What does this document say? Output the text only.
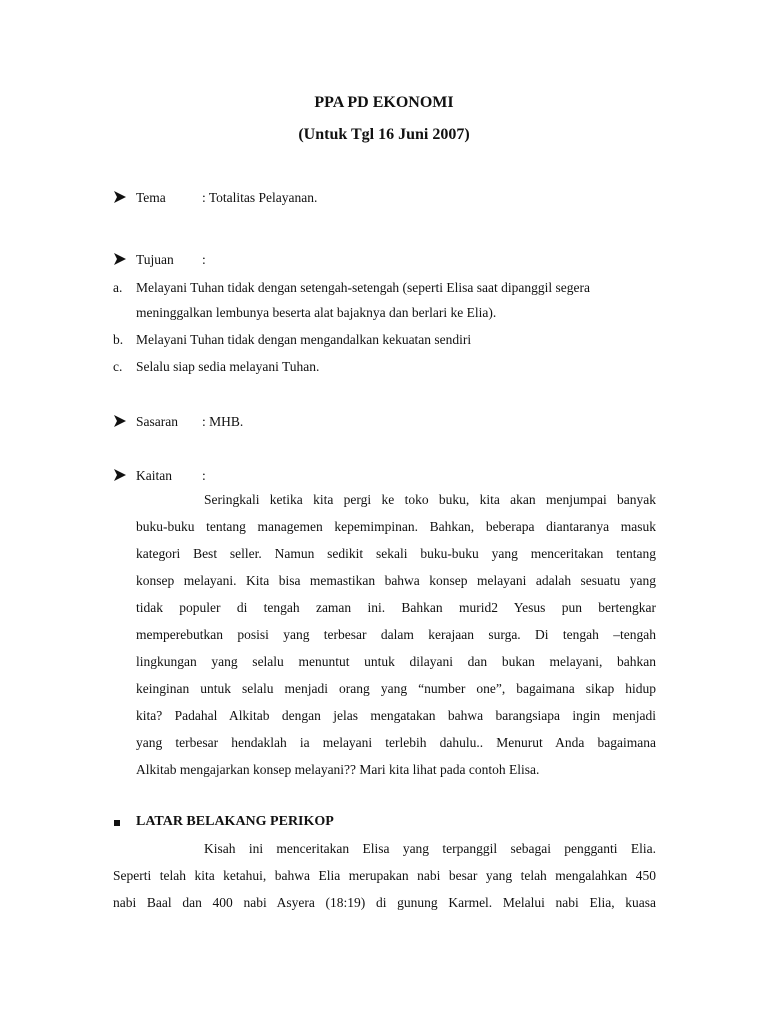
PPA PD EKONOMI
(Untuk Tgl 16 Juni 2007)
Tema	: Totalitas Pelayanan.
Tujuan :
a. Melayani Tuhan tidak dengan setengah-setengah (seperti Elisa saat dipanggil segera
meninggalkan lembunya beserta alat bajaknya dan berlari ke Elia).
b. Melayani Tuhan tidak dengan mengandalkan kekuatan sendiri
c. Selalu siap sedia melayani Tuhan.
Sasaran : MHB.
Kaitan :
Seringkali ketika kita pergi ke toko buku, kita akan menjumpai banyak
buku-buku tentang managemen kepemimpinan. Bahkan, beberapa diantaranya masuk
kategori Best seller. Namun sedikit sekali buku-buku yang menceritakan tentang
konsep melayani. Kita bisa memastikan bahwa konsep melayani adalah sesuatu yang
tidak populer di tengah zaman ini. Bahkan murid2 Yesus pun bertengkar
memperebutkan posisi yang terbesar dalam kerajaan surga. Di tengah –tengah
lingkungan yang selalu menuntut untuk dilayani dan bukan melayani, bahkan
keinginan untuk selalu menjadi orang yang “number one”, bagaimana sikap hidup
kita? Padahal Alkitab dengan jelas mengatakan bahwa barangsiapa ingin menjadi
yang terbesar hendaklah ia melayani terlebih dahulu.. Menurut Anda bagaimana
Alkitab mengajarkan konsep melayani?? Mari kita lihat pada contoh Elisa.
LATAR BELAKANG PERIKOP
Kisah ini menceritakan Elisa yang terpanggil sebagai pengganti Elia.
Seperti telah kita ketahui, bahwa Elia merupakan nabi besar yang telah mengalahkan 450
nabi Baal dan 400 nabi Asyera (18:19) di gunung Karmel. Melalui nabi Elia, kuasa
